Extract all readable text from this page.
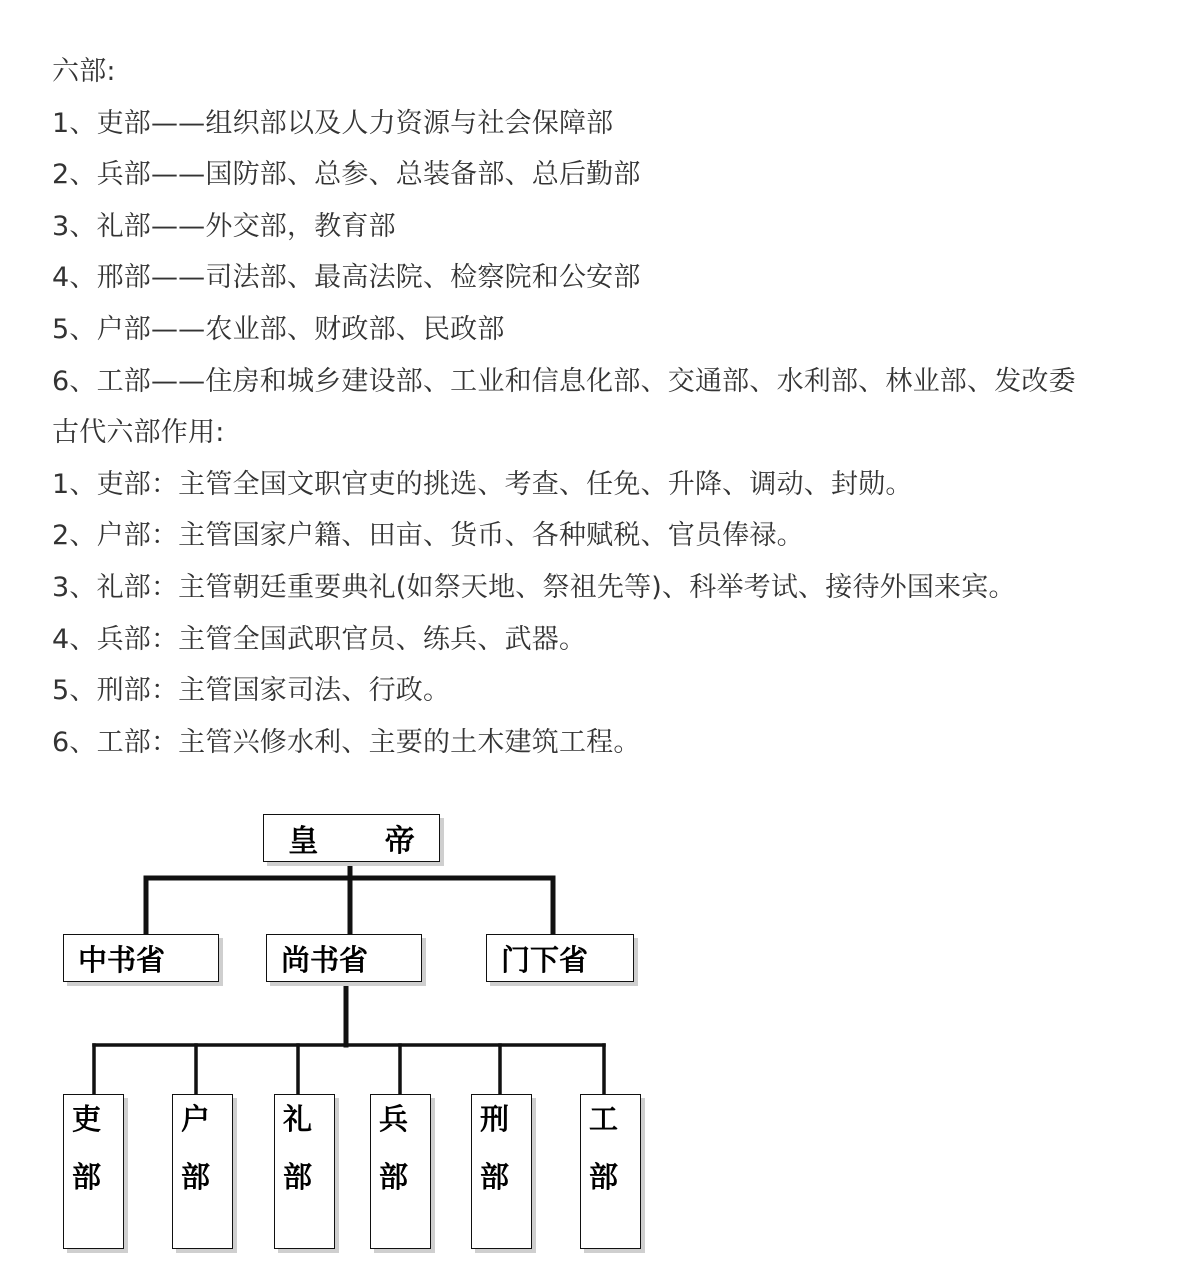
六部:
1、吏部——组织部以及人力资源与社会保障部
2、兵部——国防部、总参、总装备部、总后勤部
3、礼部——外交部，教育部
4、邢部——司法部、最高法院、检察院和公安部
5、户部——农业部、财政部、民政部
6、工部——住房和城乡建设部、工业和信息化部、交通部、水利部、林业部、发改委
古代六部作用:
1、吏部：主管全国文职官吏的挑选、考查、任免、升降、调动、封勋。
2、户部：主管国家户籍、田亩、货币、各种赋税、官员俸禄。
3、礼部：主管朝廷重要典礼(如祭天地、祭祖先等)、科举考试、接待外国来宾。
4、兵部：主管全国武职官员、练兵、武器。
5、刑部：主管国家司法、行政。
6、工部：主管兴修水利、主要的土木建筑工程。
皇 帝
中书省	尚书省	门下省
吏
部
户
部
礼
部
兵
部
刑
部
工
部
